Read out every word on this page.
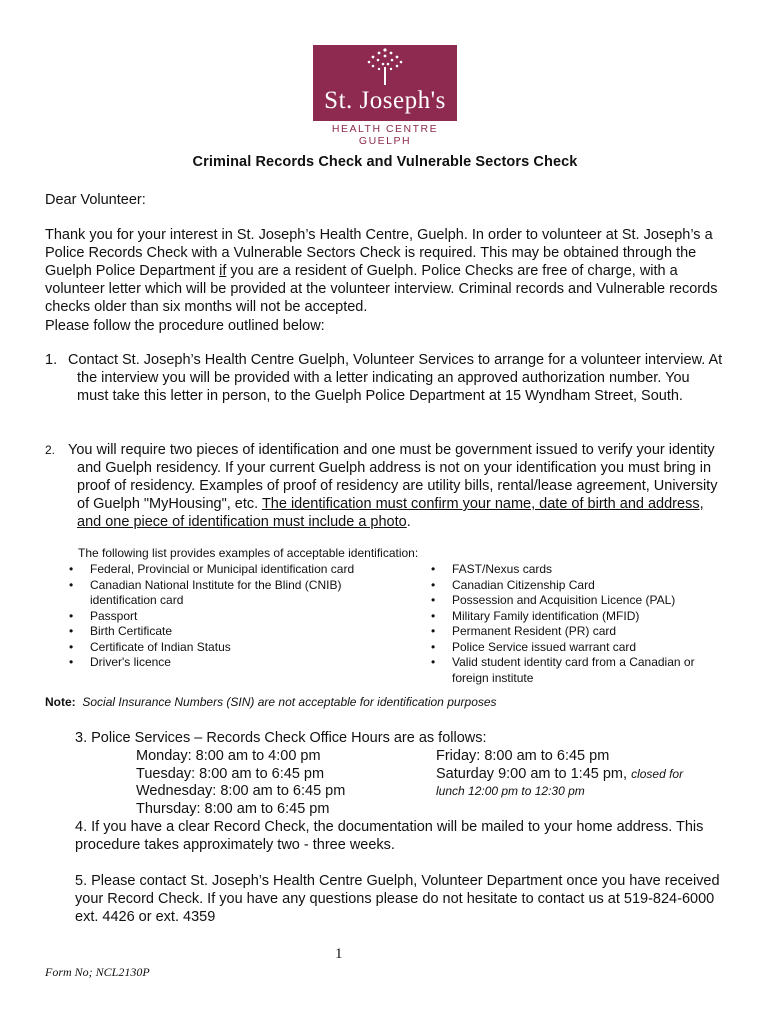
St. Joseph's
HEALTH CENTRE GUELPH
Criminal Records Check and Vulnerable Sectors Check
Dear Volunteer:
Thank you for your interest in St. Joseph’s Health Centre, Guelph. In order to volunteer at St. Joseph’s a Police Records Check with a Vulnerable Sectors Check is required. This may be obtained through the Guelph Police Department if you are a resident of Guelph. Police Checks are free of charge, with a volunteer letter which will be provided at the volunteer interview. Criminal records and Vulnerable records checks older than six months will not be accepted.
Please follow the procedure outlined below:
1. Contact St. Joseph’s Health Centre Guelph, Volunteer Services to arrange for a volunteer interview. At the interview you will be provided with a letter indicating an approved authorization number. You must take this letter in person, to the Guelph Police Department at 15 Wyndham Street, South.
2. You will require two pieces of identification and one must be government issued to verify your identity and Guelph residency. If your current Guelph address is not on your identification you must bring in proof of residency. Examples of proof of residency are utility bills, rental/lease agreement, University of Guelph "MyHousing", etc. The identification must confirm your name, date of birth and address, and one piece of identification must include a photo.
The following list provides examples of acceptable identification:
• Federal, Provincial or Municipal identification card
• Canadian National Institute for the Blind (CNIB) identification card
• Passport
• Birth Certificate
• Certificate of Indian Status
• Driver's licence
• FAST/Nexus cards
• Canadian Citizenship Card
• Possession and Acquisition Licence (PAL)
• Military Family identification (MFID)
• Permanent Resident (PR) card
• Police Service issued warrant card
• Valid student identity card from a Canadian or foreign institute
Note: Social Insurance Numbers (SIN) are not acceptable for identification purposes
3. Police Services – Records Check Office Hours are as follows:
Monday: 8:00 am to 4:00 pm
Tuesday: 8:00 am to 6:45 pm
Wednesday: 8:00 am to 6:45 pm
Thursday: 8:00 am to 6:45 pm
Friday: 8:00 am to 6:45 pm
Saturday 9:00 am to 1:45 pm, closed for
lunch 12:00 pm to 12:30 pm
4. If you have a clear Record Check, the documentation will be mailed to your home address. This procedure takes approximately two - three weeks.
5. Please contact St. Joseph’s Health Centre Guelph, Volunteer Department once you have received your Record Check. If you have any questions please do not hesitate to contact us at 519-824-6000 ext. 4426 or ext. 4359
1
Form No; NCL2130P
